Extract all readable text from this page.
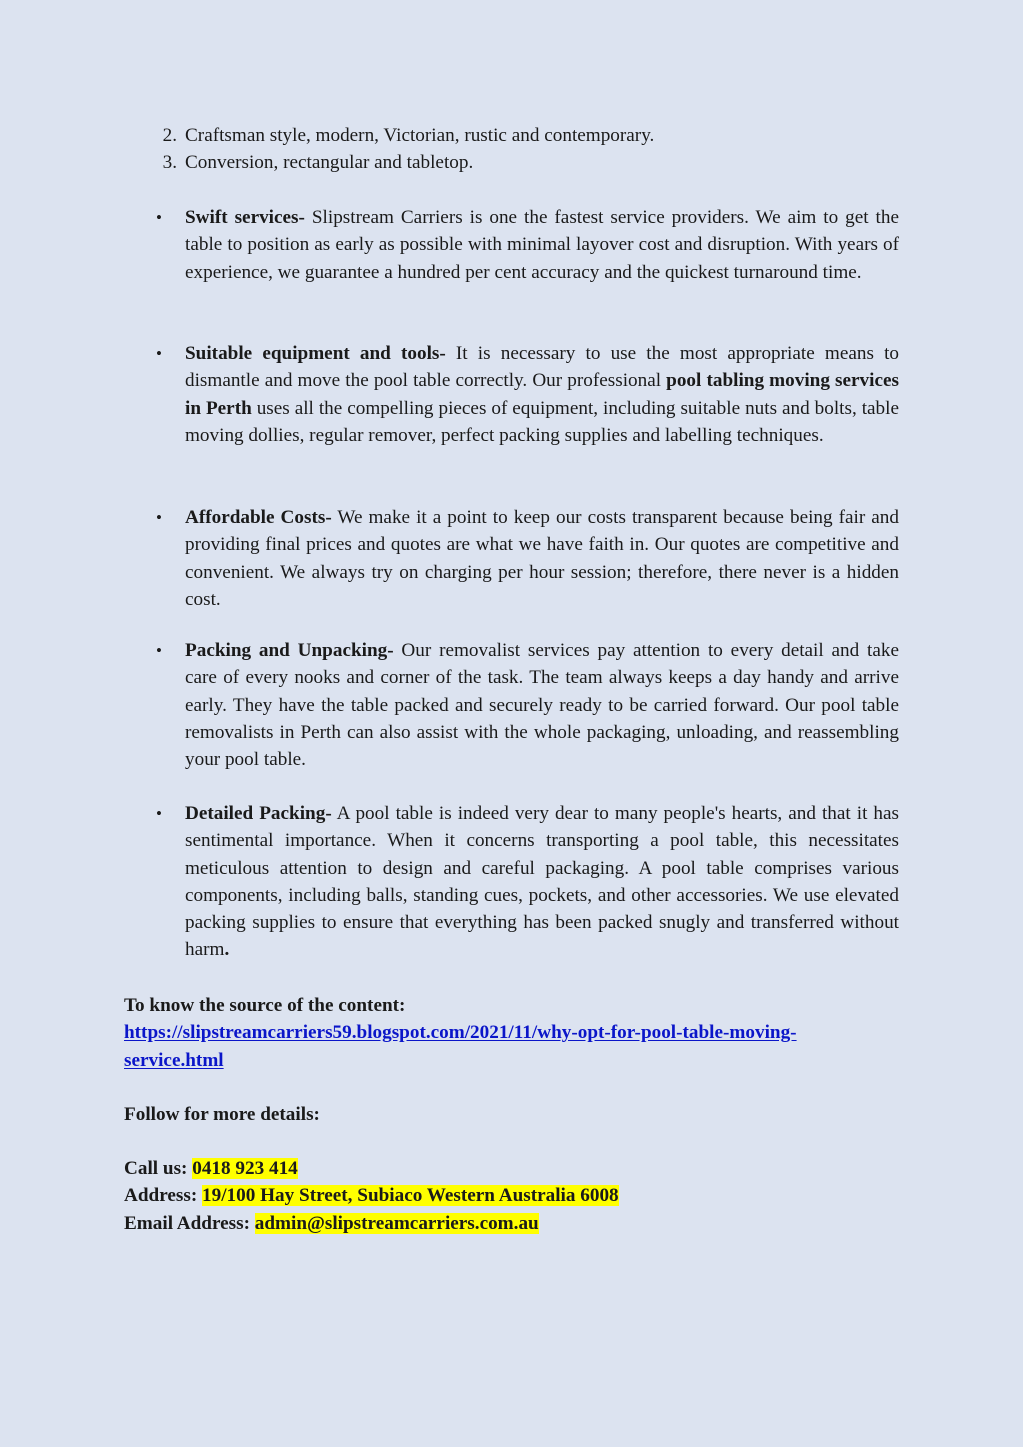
2. Craftsman style, modern, Victorian, rustic and contemporary.
3. Conversion, rectangular and tabletop.
• Swift services- Slipstream Carriers is one the fastest service providers. We aim to get the table to position as early as possible with minimal layover cost and disruption. With years of experience, we guarantee a hundred per cent accuracy and the quickest turnaround time.
• Suitable equipment and tools- It is necessary to use the most appropriate means to dismantle and move the pool table correctly. Our professional pool tabling moving services in Perth uses all the compelling pieces of equipment, including suitable nuts and bolts, table moving dollies, regular remover, perfect packing supplies and labelling techniques.
• Affordable Costs- We make it a point to keep our costs transparent because being fair and providing final prices and quotes are what we have faith in. Our quotes are competitive and convenient. We always try on charging per hour session; therefore, there never is a hidden cost.
• Packing and Unpacking- Our removalist services pay attention to every detail and take care of every nooks and corner of the task. The team always keeps a day handy and arrive early. They have the table packed and securely ready to be carried forward. Our pool table removalists in Perth can also assist with the whole packaging, unloading, and reassembling your pool table.
• Detailed Packing- A pool table is indeed very dear to many people's hearts, and that it has sentimental importance. When it concerns transporting a pool table, this necessitates meticulous attention to design and careful packaging. A pool table comprises various components, including balls, standing cues, pockets, and other accessories. We use elevated packing supplies to ensure that everything has been packed snugly and transferred without harm.
To know the source of the content:
https://slipstreamcarriers59.blogspot.com/2021/11/why-opt-for-pool-table-moving-
service.html
Follow for more details:
Call us: 0418 923 414
Address: 19/100 Hay Street, Subiaco Western Australia 6008
Email Address: admin@slipstreamcarriers.com.au
